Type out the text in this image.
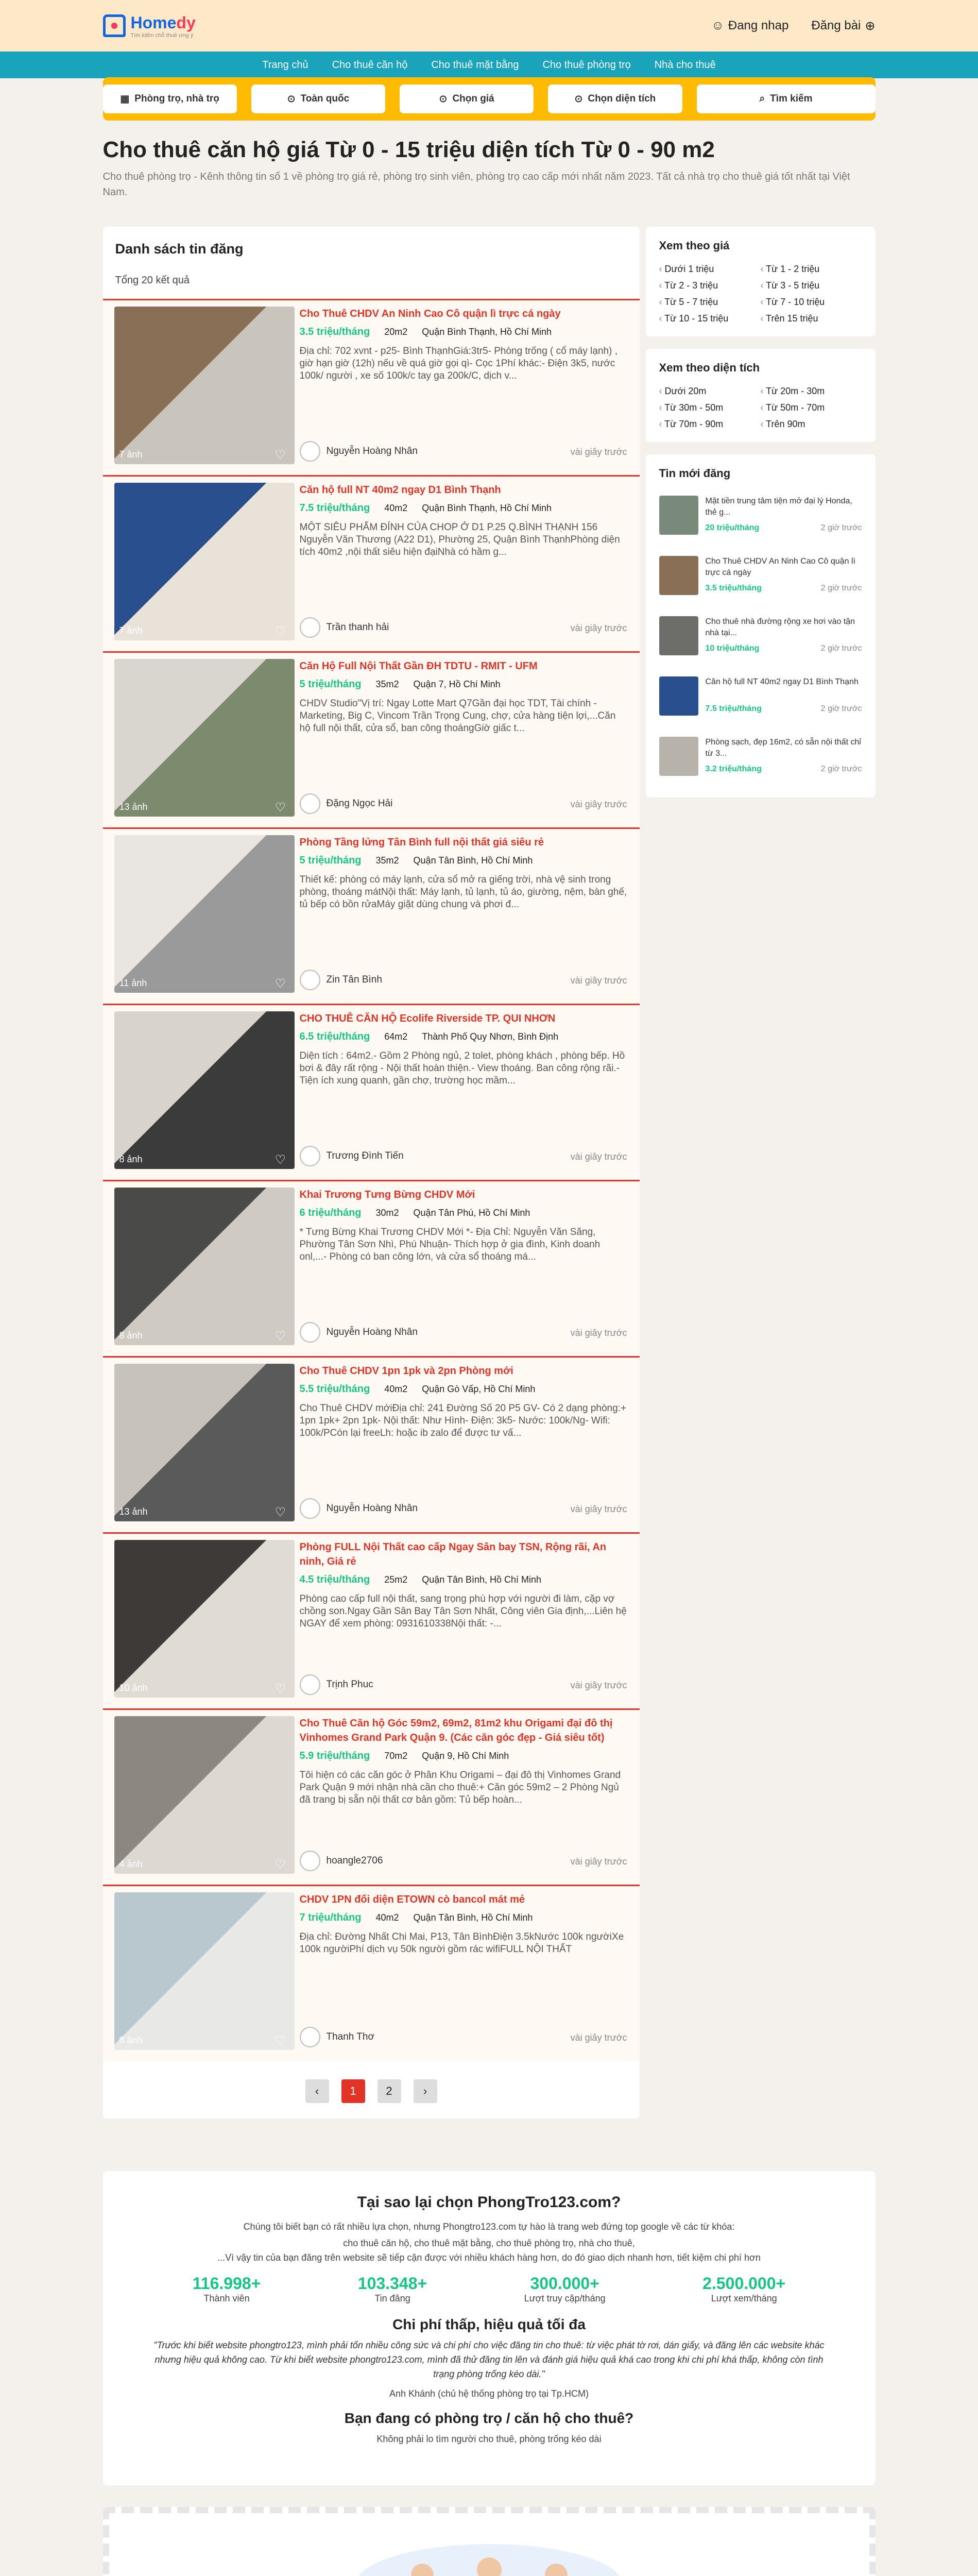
Homedy
Tìm kiếm chỗ thuê ưng ý
☺ Đang nhap Đăng bài ⊕
Trang chủ Cho thuê căn hộ Cho thuê mặt bằng Cho thuê phòng trọ Nhà cho thuê
▦ Phòng trọ, nhà trọ	⊙ Toàn quốc	⊙ Chọn giá	⊙ Chọn diện tích	⌕ Tìm kiếm
Cho thuê căn hộ giá Từ 0 - 15 triệu diện tích Từ 0 - 90 m2

Cho thuê phòng trọ - Kênh thông tin số 1 về phòng trọ giá rẻ, phòng trọ sinh viên, phòng trọ cao cấp mới nhất năm 2023. Tất cả nhà trọ cho thuê giá tốt nhất tại Việt Nam.

Danh sách tin đăng
Tổng 20 kết quả
7 ảnh	♡
Cho Thuê CHDV An Ninh Cao Cô quận lì trực cá ngày
3.5 triệu/tháng 20m2 Quận Bình Thạnh, Hồ Chí Minh
Địa chỉ: 702 xvnt - p25- Bình ThạnhGiá:3tr5- Phòng trống ( cổ máy lạnh) , giờ hạn giờ (12h) nếu về quá giờ gọi qì- Cọc 1Phí khác:- Điện 3k5, nước 100k/ người , xe số 100k/c tay ga 200k/C, dịch v...
Nguyễn Hoàng Nhân	vài giây trước
7 ảnh	♡
Căn hộ full NT 40m2 ngay D1 Bình Thạnh
7.5 triệu/tháng 40m2 Quận Bình Thạnh, Hồ Chí Minh
MỘT SIÊU PHẨM ĐỈNH CỦA CHOP Ở D1 P.25 Q.BÌNH THẠNH 156 Nguyễn Văn Thương (A22 D1), Phường 25, Quận Bình ThạnhPhòng diện tích 40m2 ,nội thất siêu hiện đạiNhà có hầm g...
Trần thanh hải	vài giây trước
13 ảnh	♡
Căn Hộ Full Nội Thất Gần ĐH TDTU - RMIT - UFM
5 triệu/tháng 35m2 Quận 7, Hồ Chí Minh
CHDV Studio"Vị trí: Ngay Lotte Mart Q7Gần đại học TDT, Tài chính - Marketing, Big C, Vincom Trần Trọng Cung, chợ, cửa hàng tiện lợi,...Căn hộ full nội thất, cửa sổ, ban công thoángGiờ giấc t...
Đặng Ngọc Hải	vài giây trước
11 ảnh	♡
Phòng Tầng lửng Tân Bình full nội thất giá siêu rẻ
5 triệu/tháng 35m2 Quận Tân Bình, Hồ Chí Minh
Thiết kế: phòng có máy lạnh, cửa sổ mở ra giếng trời, nhà vệ sinh trong phòng, thoáng mátNội thất: Máy lạnh, tủ lạnh, tủ áo, giường, nệm, bàn ghế, tủ bếp có bồn rửaMáy giặt dùng chung và phơi đ...
Zin Tân Bình	vài giây trước
8 ảnh	♡
CHO THUÊ CĂN HỘ Ecolife Riverside TP. QUI NHƠN
6.5 triệu/tháng 64m2 Thành Phố Quy Nhơn, Bình Định
Diện tích : 64m2.- Gồm 2 Phòng ngủ, 2 tolet, phòng khách , phòng bếp. Hồ bơi & đây rất rộng - Nội thất hoàn thiện.- View thoáng. Ban công rộng rãi.- Tiện ích xung quanh, gần chợ, trường học mầm...
Trương Đình Tiến	vài giây trước
8 ảnh	♡
Khai Trương Tưng Bừng CHDV Mới
6 triệu/tháng 30m2 Quận Tân Phú, Hồ Chí Minh
* Tưng Bừng Khai Trương CHDV Mới *- Địa Chỉ: Nguyễn Văn Săng, Phường Tân Sơn Nhì, Phú Nhuận- Thích hợp ở gia đình, Kinh doanh onl,...- Phòng có ban công lớn, và cửa sổ thoáng má...
Nguyễn Hoàng Nhân	vài giây trước
13 ảnh	♡
Cho Thuê CHDV 1pn 1pk và 2pn Phòng mới
5.5 triệu/tháng 40m2 Quận Gò Vấp, Hồ Chí Minh
Cho Thuê CHDV mớiĐịa chỉ: 241 Đường Số 20 P5 GV- Có 2 dạng phòng:+ 1pn 1pk+ 2pn 1pk- Nội thất: Như Hình- Điện: 3k5- Nước: 100k/Ng- Wifi: 100k/PCón lại freeLh: hoặc ib zalo để được tư vấ...
Nguyễn Hoàng Nhân	vài giây trước
10 ảnh	♡
Phòng FULL Nội Thất cao cấp Ngay Sân bay TSN, Rộng rãi, An ninh, Giá rẻ
4.5 triệu/tháng 25m2 Quận Tân Bình, Hồ Chí Minh
Phòng cao cấp full nội thất, sang trọng phù hợp với người đi làm, cặp vợ chồng son.Ngay Gần Sân Bay Tân Sơn Nhất, Công viên Gia định,...Liên hệ NGAY để xem phòng: 0931610338Nội thất: -...
Trịnh Phuc	vài giây trước
4 ảnh	♡
Cho Thuê Căn hộ Góc 59m2, 69m2, 81m2 khu Origami đại đô thị Vinhomes Grand Park Quận 9. (Các căn góc đẹp - Giá siêu tốt)
5.9 triệu/tháng 70m2 Quận 9, Hồ Chí Minh
Tôi hiện có các căn góc ở Phân Khu Origami – đại đô thị Vinhomes Grand Park Quận 9 mới nhận nhà cần cho thuê:+ Căn góc 59m2 – 2 Phòng Ngủ đã trang bị sẵn nội thất cơ bản gồm: Tủ bếp hoàn...
hoangle2706	vài giây trước
8 ảnh	♡
CHDV 1PN đối diện ETOWN cò bancol mát mẻ
7 triệu/tháng 40m2 Quận Tân Bình, Hồ Chí Minh
Địa chỉ: Đường Nhất Chi Mai, P13, Tân BìnhĐiện 3.5kNước 100k ngườiXe 100k ngườiPhí dịch vụ 50k người gồm rác wifiFULL NỘI THẤT
Thanh Thơ	vài giây trước
‹	1	2	›
Xem theo giá
‹ Dưới 1 triệu	‹ Từ 1 - 2 triệu
‹ Từ 2 - 3 triệu	‹ Từ 3 - 5 triệu
‹ Từ 5 - 7 triệu	‹ Từ 7 - 10 triệu
‹ Từ 10 - 15 triệu	‹ Trên 15 triệu
Xem theo diện tích
‹ Dưới 20m	‹ Từ 20m - 30m
‹ Từ 30m - 50m	‹ Từ 50m - 70m
‹ Từ 70m - 90m	‹ Trên 90m
Tin mới đăng
Mặt tiền trung tâm tiện mở đại lý Honda, thẻ g...
20 triệu/tháng	2 giờ trước
Cho Thuê CHDV An Ninh Cao Cô quận lì trực cá ngày
3.5 triệu/tháng	2 giờ trước
Cho thuê nhà đường rộng xe hơi vào tận nhà tại...
10 triệu/tháng	2 giờ trước
Căn hộ full NT 40m2 ngay D1 Bình Thạnh
7.5 triệu/tháng	2 giờ trước
Phòng sạch, đẹp 16m2, có sẵn nội thất chỉ từ 3...
3.2 triệu/tháng	2 giờ trước
Tại sao lại chọn PhongTro123.com?

Chúng tôi biết bạn có rất nhiều lựa chọn, nhưng Phongtro123.com tự hào là trang web đứng top google về các từ khóa:

cho thuê căn hộ, cho thuê mặt bằng, cho thuê phòng trọ, nhà cho thuê,

...Vì vậy tin của bạn đăng trên website sẽ tiếp cận được với nhiều khách hàng hơn, do đó giao dịch nhanh hơn, tiết kiệm chi phí hơn

116.998+
Thành viên
103.348+
Tin đăng
300.000+
Lượt truy cập/tháng
2.500.000+
Lượt xem/tháng
Chi phí thấp, hiệu quả tối đa
"Trước khi biết website phongtro123, mình phải tốn nhiều công sức và chi phí cho việc đăng tin cho thuê: từ việc phát tờ rơi, dán giấy, và đăng lên các website khác nhưng hiệu quả không cao. Từ khi biết website phongtro123.com, mình đã thử đăng tin lên và đánh giá hiệu quả khá cao trong khi chi phí khá thấp, không còn tình trạng phòng trống kéo dài."

Anh Khánh (chủ hệ thống phòng trọ tại Tp.HCM)

Bạn đang có phòng trọ / căn hộ cho thuê?

Không phải lo tìm người cho thuê, phòng trống kéo dài
